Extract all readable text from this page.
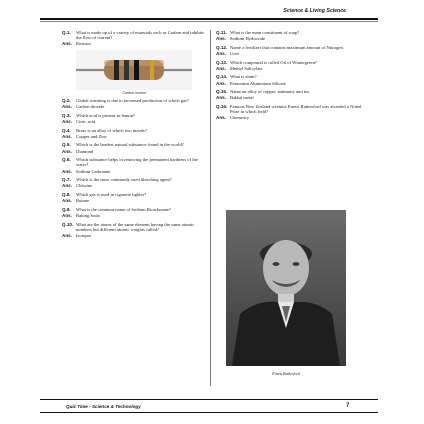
Science & Living Science
Q.1.	What is made up of a variety of materials such as Carbon and inhibits the flow of current?
Ans. Resistor
Carbon resistor
Q.2.	Global warming is due to increased production of which gas?
Ans. Carbon dioxide
Q.3.	Which acid is present in lemon?
Ans. Citric acid
Q.4.	Brass is an alloy of which two metals?
Ans. Copper and Zinc
Q.5.	Which is the hardest natural substance found in the world?
Ans. Diamond
Q.6.	Which substance helps in removing the permanent hardness of the water?
Ans. Sodium Carbonate
Q.7.	Which is the most commonly used bleaching agent?
Ans. Chlorine
Q.8.	Which gas is used in cigarette lighter?
Ans. Butane
Q.9.	What is the common name of Sodium Bicarbonate?
Ans. Baking Soda
Q.10. What are the atoms of the same element having the same atomic numbers but different atomic weights called?
Ans. Isotopes
Q.11. What is the main constituent of soap?
Ans. Sodium Hydroxide
Q.12. Name a fertilizer that contains maximum amount of Nitrogen.
Ans. Urea
Q.13. Which compound is called Oil of Wintergreen?
Ans. Methyl Salicylate
Q.14. What is alum?
Ans. Potassium Aluminium Silicate
Q.15. Name an alloy of copper, antimony and tin.
Ans. Babbit metal
Q.16. Famous New Zealand scientist Ernest Rutherford was awarded a Nobel Prize in which field?
Ans. Chemistry
Ernest Rutherford
Quiz Time - Science & Technology	7
